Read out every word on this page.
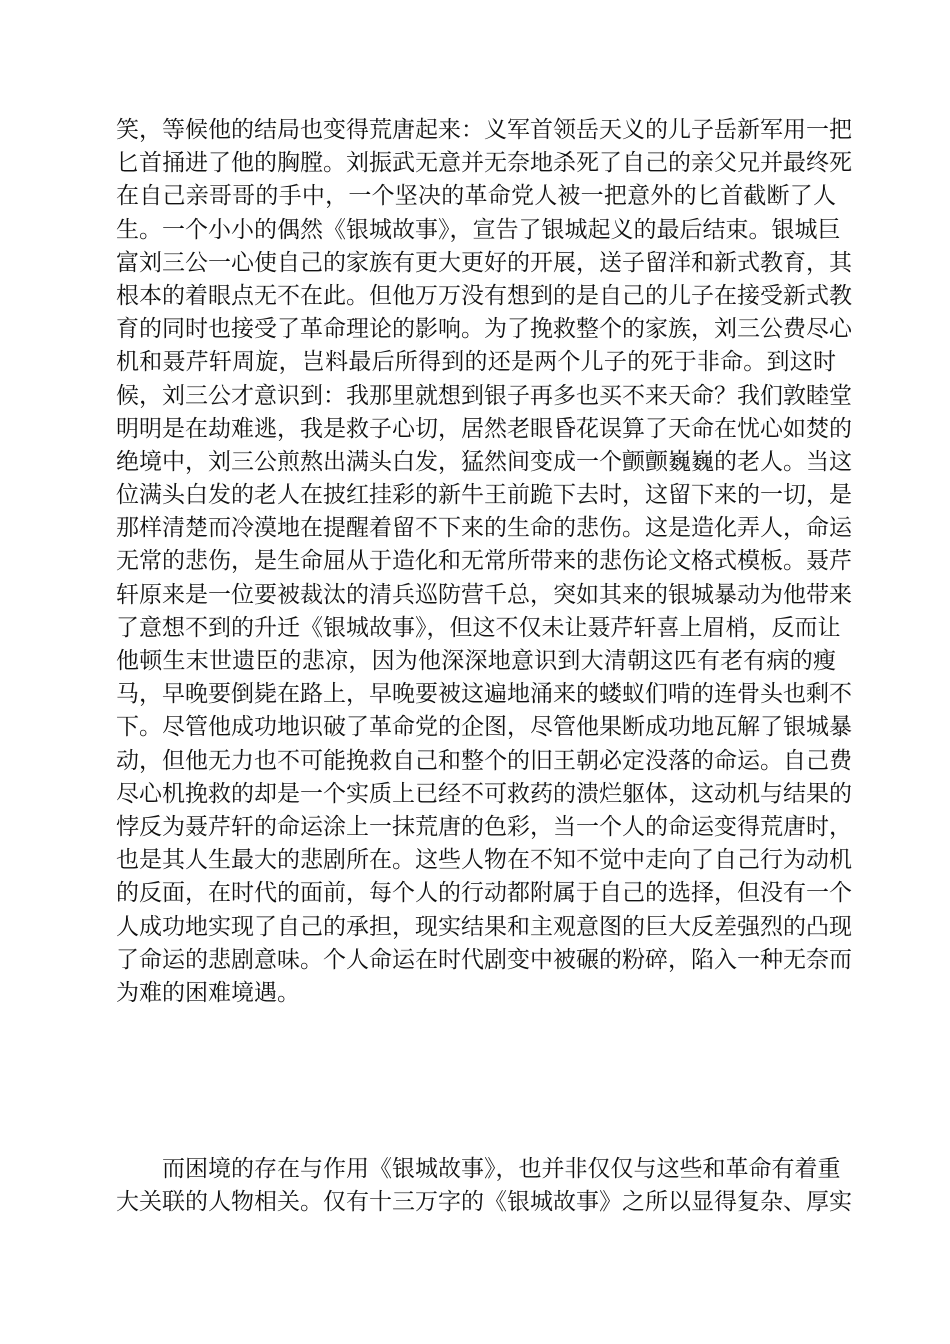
笑，等候他的结局也变得荒唐起来：义军首领岳天义的儿子岳新军用一把
匕首捅进了他的胸膛。刘振武无意并无奈地杀死了自己的亲父兄并最终死
在自己亲哥哥的手中，一个坚决的革命党人被一把意外的匕首截断了人
生。一个小小的偶然《银城故事》，宣告了银城起义的最后结束。银城巨
富刘三公一心使自己的家族有更大更好的开展，送子留洋和新式教育，其
根本的着眼点无不在此。但他万万没有想到的是自己的儿子在接受新式教
育的同时也接受了革命理论的影响。为了挽救整个的家族，刘三公费尽心
机和聂芹轩周旋，岂料最后所得到的还是两个儿子的死于非命。到这时
候，刘三公才意识到：我那里就想到银子再多也买不来天命？我们敦睦堂
明明是在劫难逃，我是救子心切，居然老眼昏花误算了天命在忧心如焚的
绝境中，刘三公煎熬出满头白发，猛然间变成一个颤颤巍巍的老人。当这
位满头白发的老人在披红挂彩的新牛王前跪下去时，这留下来的一切，是
那样清楚而冷漠地在提醒着留不下来的生命的悲伤。这是造化弄人，命运
无常的悲伤，是生命屈从于造化和无常所带来的悲伤论文格式模板。聂芹
轩原来是一位要被裁汰的清兵巡防营千总，突如其来的银城暴动为他带来
了意想不到的升迁《银城故事》，但这不仅未让聂芹轩喜上眉梢，反而让
他顿生末世遗臣的悲凉，因为他深深地意识到大清朝这匹有老有病的瘦
马，早晚要倒毙在路上，早晚要被这遍地涌来的蝼蚁们啃的连骨头也剩不
下。尽管他成功地识破了革命党的企图，尽管他果断成功地瓦解了银城暴
动，但他无力也不可能挽救自己和整个的旧王朝必定没落的命运。自己费
尽心机挽救的却是一个实质上已经不可救药的溃烂躯体，这动机与结果的
悖反为聂芹轩的命运涂上一抹荒唐的色彩，当一个人的命运变得荒唐时，
也是其人生最大的悲剧所在。这些人物在不知不觉中走向了自己行为动机
的反面，在时代的面前，每个人的行动都附属于自己的选择，但没有一个
人成功地实现了自己的承担，现实结果和主观意图的巨大反差强烈的凸现
了命运的悲剧意味。个人命运在时代剧变中被碾的粉碎，陷入一种无奈而
为难的困难境遇。
　　而困境的存在与作用《银城故事》，也并非仅仅与这些和革命有着重
大关联的人物相关。仅有十三万字的《银城故事》之所以显得复杂、厚实
